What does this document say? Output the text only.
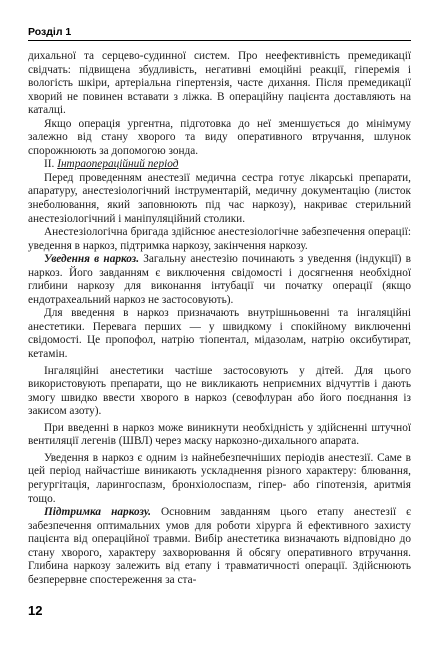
Розділ 1

дихальної та серцево-судинної систем. Про неефективність премедикації свідчать: підвищена збудливість, негативні емоційні реакції, гіперемія і вологість шкіри, артеріальна гіпертензія, часте дихання. Після премедикації хворий не повинен вставати з ліжка. В операційну пацієнта доставляють на каталці.

Якщо операція ургентна, підготовка до неї зменшується до мінімуму залежно від стану хворого та виду оперативного втручання, шлунок спорожнюють за допомогою зонда.

II. Інтраопераційний період

Перед проведенням анестезії медична сестра готує лікарські препарати, апаратуру, анестезіологічний інструментарій, медичну документацію (листок знеболювання, який заповнюють під час наркозу), накриває стерильний анестезіологічний і маніпуляційний столики.

Анестезіологічна бригада здійснює анестезіологічне забезпечення операції: уведення в наркоз, підтримка наркозу, закінчення наркозу.

Уведення в наркоз. Загальну анестезію починають з уведення (індукції) в наркоз. Його завданням є виключення свідомості і досягнення необхідної глибини наркозу для виконання інтубації чи початку операції (якщо ендотрахеальний наркоз не застосовують).

Для введення в наркоз призначають внутрішньовенні та інгаляційні анестетики. Перевага перших — у швидкому і спокійному виключенні свідомості. Це пропофол, натрію тіопентал, мідазолам, натрію оксибутират, кетамін.

Інгаляційні анестетики частіше застосовують у дітей. Для цього використовують препарати, що не викликають неприємних відчуттів і дають змогу швидко ввести хворого в наркоз (севофлуран або його поєднання із закисом азоту).

При введенні в наркоз може виникнути необхідність у здійсненні штучної вентиляції легенів (ШВЛ) через маску наркозно-дихального апарата.

Уведення в наркоз є одним із найнебезпечніших періодів анестезії. Саме в цей період найчастіше виникають ускладнення різного характеру: блювання, регургітація, ларингоспазм, бронхіолоспазм, гіпер- або гіпотензія, аритмія тощо.

Підтримка наркозу. Основним завданням цього етапу анестезії є забезпечення оптимальних умов для роботи хірурга й ефективного захисту пацієнта від операційної травми. Вибір анестетика визначають відповідно до стану хворого, характеру захворювання й обсягу оперативного втручання. Глибина наркозу залежить від етапу і травматичності операції. Здійснюють безперервне спостереження за ста-

12
